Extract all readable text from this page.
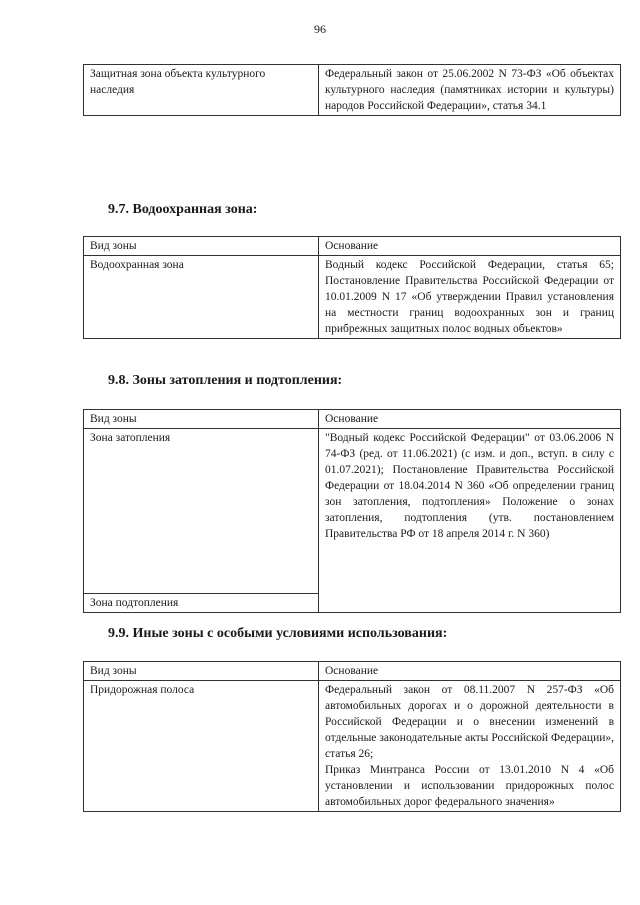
96
Защитная зона объекта культурного наследия	Федеральный закон от 25.06.2002 N 73-ФЗ «Об объектах культурного наследия (памятниках истории и культуры) народов Российской Федерации», статья 34.1
9.7. Водоохранная зона:
Вид зоны	Основание
Водоохранная зона	Водный кодекс Российской Федерации, статья 65; Постановление Правительства Российской Федерации от 10.01.2009 N 17 «Об утверждении Правил установления на местности границ водоохранных зон и границ прибрежных защитных полос водных объектов»
9.8. Зоны затопления и подтопления:
Вид зоны	Основание
Зона затопления	"Водный кодекс Российской Федерации" от 03.06.2006 N 74-ФЗ (ред. от 11.06.2021) (с изм. и доп., вступ. в силу с 01.07.2021); Постановление Правительства Российской Федерации от 18.04.2014 N 360 «Об определении границ зон затопления, подтопления» Положение о зонах затопления, подтопления (утв. постановлением Правительства РФ от 18 апреля 2014 г. N 360)
Зона подтопления	
9.9. Иные зоны с особыми условиями использования:
Вид зоны	Основание
Придорожная полоса	Федеральный закон от 08.11.2007 N 257-ФЗ «Об автомобильных дорогах и о дорожной деятельности в Российской Федерации и о внесении изменений в отдельные законодательные акты Российской Федерации», статья 26;
Приказ Минтранса России от 13.01.2010 N 4 «Об установлении и использовании придорожных полос автомобильных дорог федерального значения»
